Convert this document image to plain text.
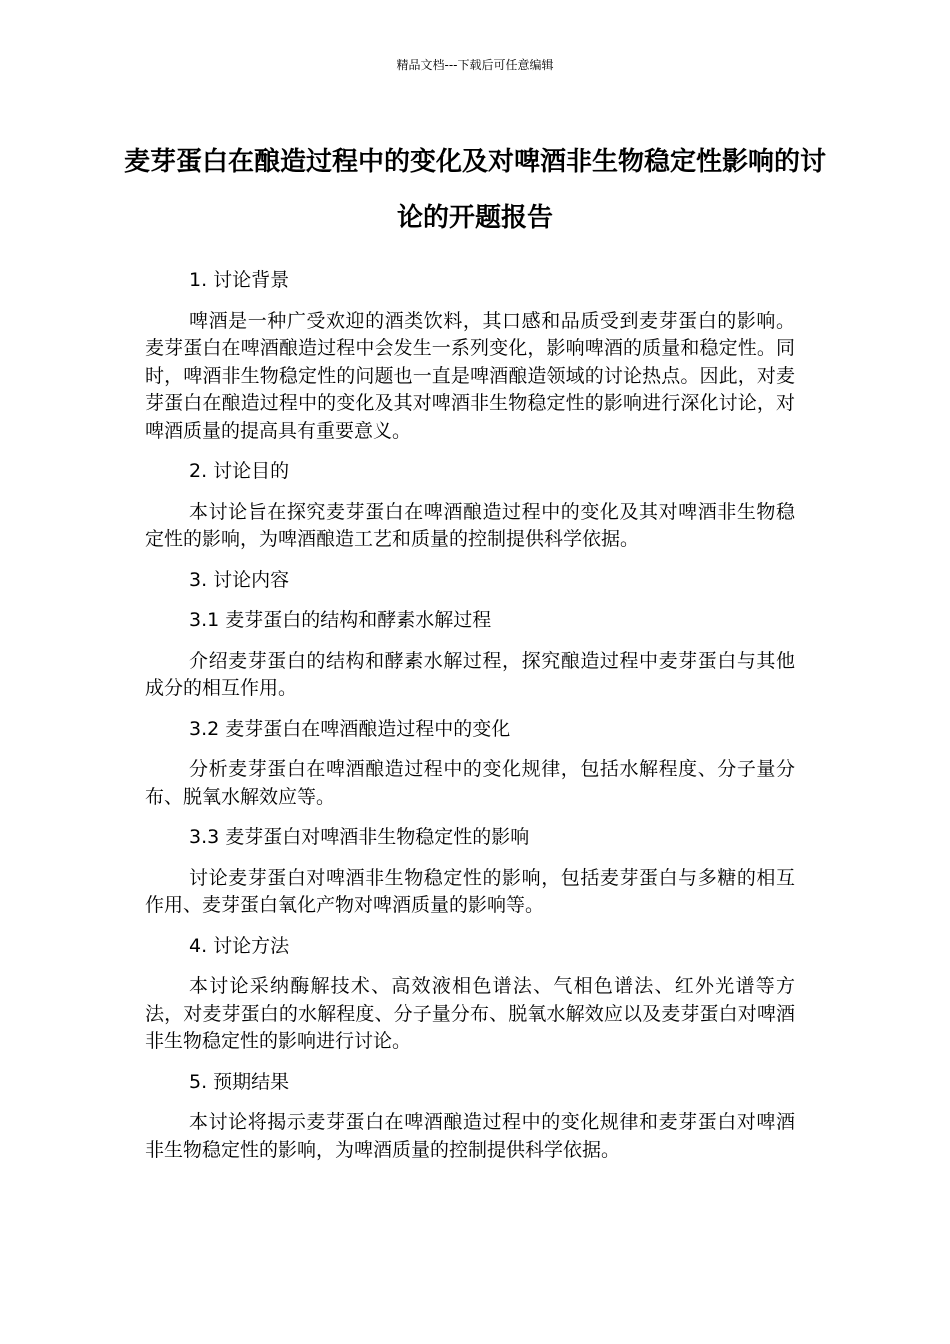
精品文档---下载后可任意编辑
麦芽蛋白在酿造过程中的变化及对啤酒非生物稳定性影响的讨论的开题报告

1. 讨论背景

啤酒是一种广受欢迎的酒类饮料，其口感和品质受到麦芽蛋白的影响。麦芽蛋白在啤酒酿造过程中会发生一系列变化，影响啤酒的质量和稳定性。同时，啤酒非生物稳定性的问题也一直是啤酒酿造领域的讨论热点。因此，对麦芽蛋白在酿造过程中的变化及其对啤酒非生物稳定性的影响进行深化讨论，对啤酒质量的提高具有重要意义。

2. 讨论目的

本讨论旨在探究麦芽蛋白在啤酒酿造过程中的变化及其对啤酒非生物稳定性的影响，为啤酒酿造工艺和质量的控制提供科学依据。

3. 讨论内容

3.1 麦芽蛋白的结构和酵素水解过程

介绍麦芽蛋白的结构和酵素水解过程，探究酿造过程中麦芽蛋白与其他成分的相互作用。

3.2 麦芽蛋白在啤酒酿造过程中的变化

分析麦芽蛋白在啤酒酿造过程中的变化规律，包括水解程度、分子量分布、脱氧水解效应等。

3.3 麦芽蛋白对啤酒非生物稳定性的影响

讨论麦芽蛋白对啤酒非生物稳定性的影响，包括麦芽蛋白与多糖的相互作用、麦芽蛋白氧化产物对啤酒质量的影响等。

4. 讨论方法

本讨论采纳酶解技术、高效液相色谱法、气相色谱法、红外光谱等方法，对麦芽蛋白的水解程度、分子量分布、脱氧水解效应以及麦芽蛋白对啤酒非生物稳定性的影响进行讨论。

5. 预期结果

本讨论将揭示麦芽蛋白在啤酒酿造过程中的变化规律和麦芽蛋白对啤酒非生物稳定性的影响，为啤酒质量的控制提供科学依据。
